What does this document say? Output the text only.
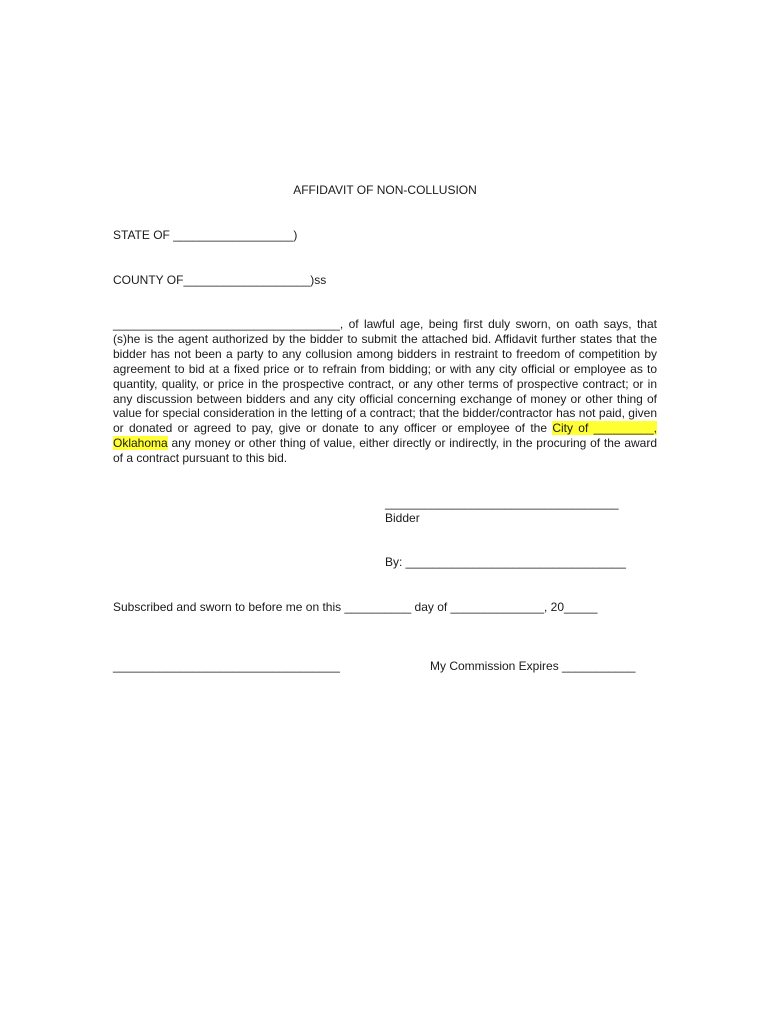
AFFIDAVIT OF NON-COLLUSION
STATE OF __________________)
COUNTY OF___________________)ss
__________________________________, of lawful age, being first duly sworn, on oath says, that (s)he is the agent authorized by the bidder to submit the attached bid. Affidavit further states that the bidder has not been a party to any collusion among bidders in restraint to freedom of competition by agreement to bid at a fixed price or to refrain from bidding; or with any city official or employee as to quantity, quality, or price in the prospective contract, or any other terms of prospective contract; or in any discussion between bidders and any city official concerning exchange of money or other thing of value for special consideration in the letting of a contract; that the bidder/contractor has not paid, given or donated or agreed to pay, give or donate to any officer or employee of the City of _________, Oklahoma any money or other thing of value, either directly or indirectly, in the procuring of the award of a contract pursuant to this bid.
___________________________________
Bidder
By: _________________________________
Subscribed and sworn to before me on this __________ day of ______________, 20_____
__________________________________	My Commission Expires ___________
